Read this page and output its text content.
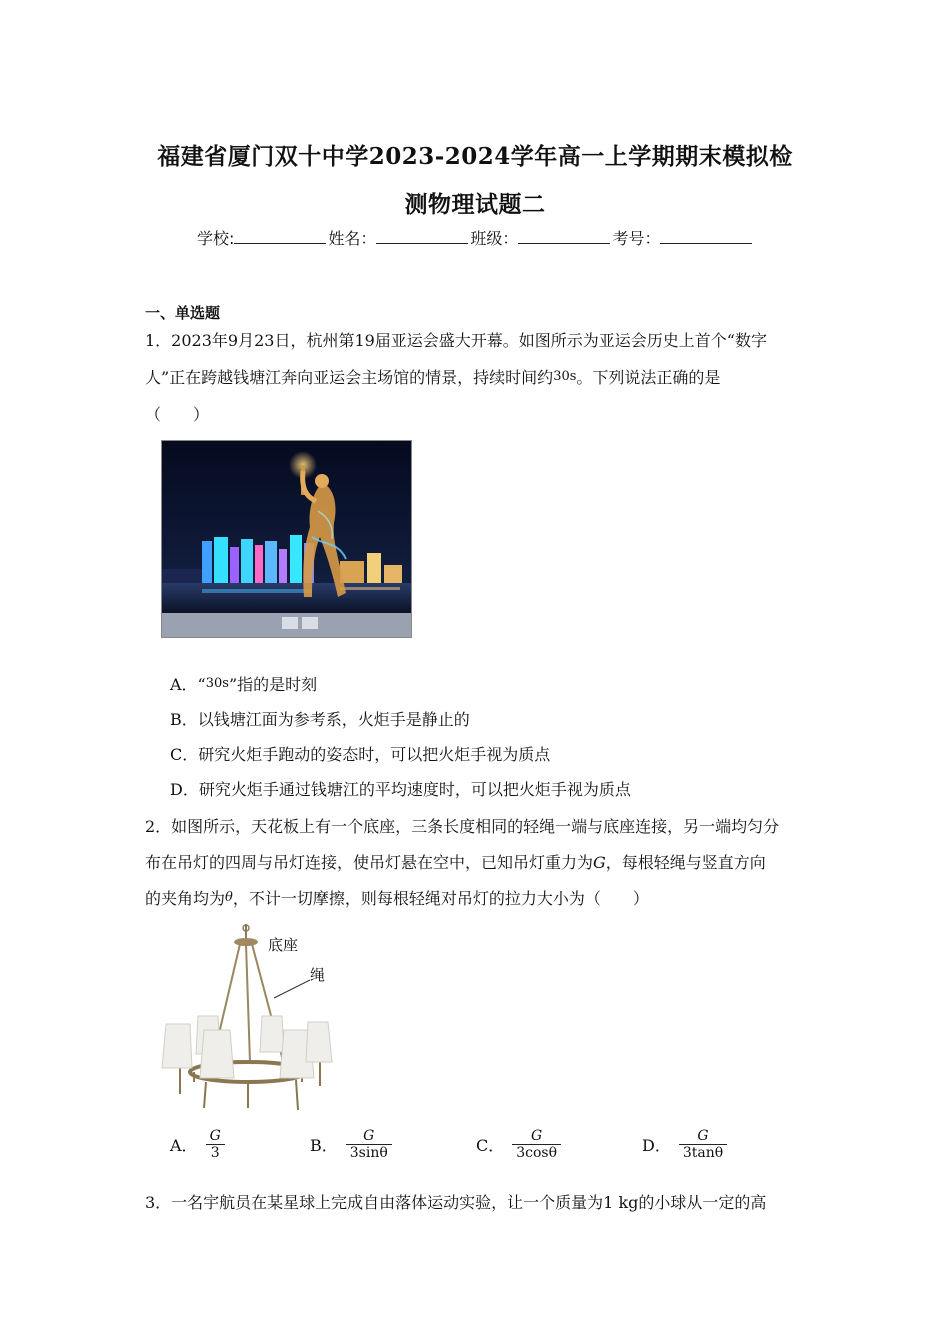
福建省厦门双十中学2023-2024学年高一上学期期末模拟检
测物理试题二
学校:	姓名：	班级：	考号：
一、单选题
1．2023年9月23日，杭州第19届亚运会盛大开幕。如图所示为亚运会历史上首个“数字
人”正在跨越钱塘江奔向亚运会主场馆的情景，持续时间约30s。下列说法正确的是
（　　）
A．“30s”指的是时刻
B．以钱塘江面为参考系，火炬手是静止的
C．研究火炬手跑动的姿态时，可以把火炬手视为质点
D．研究火炬手通过钱塘江的平均速度时，可以把火炬手视为质点
2．如图所示，天花板上有一个底座，三条长度相同的轻绳一端与底座连接，另一端均匀分
布在吊灯的四周与吊灯连接，使吊灯悬在空中，已知吊灯重力为G，每根轻绳与竖直方向
的夹角均为θ，不计一切摩擦，则每根轻绳对吊灯的拉力大小为（　　）
底座
绳
A． $\frac{G}{3}$	B． $\frac{G}{3\sin\theta}$	C． $\frac{G}{3\cos\theta}$	D． $\frac{G}{3\tan\theta}$
3．一名宇航员在某星球上完成自由落体运动实验，让一个质量为1 kg的小球从一定的高
